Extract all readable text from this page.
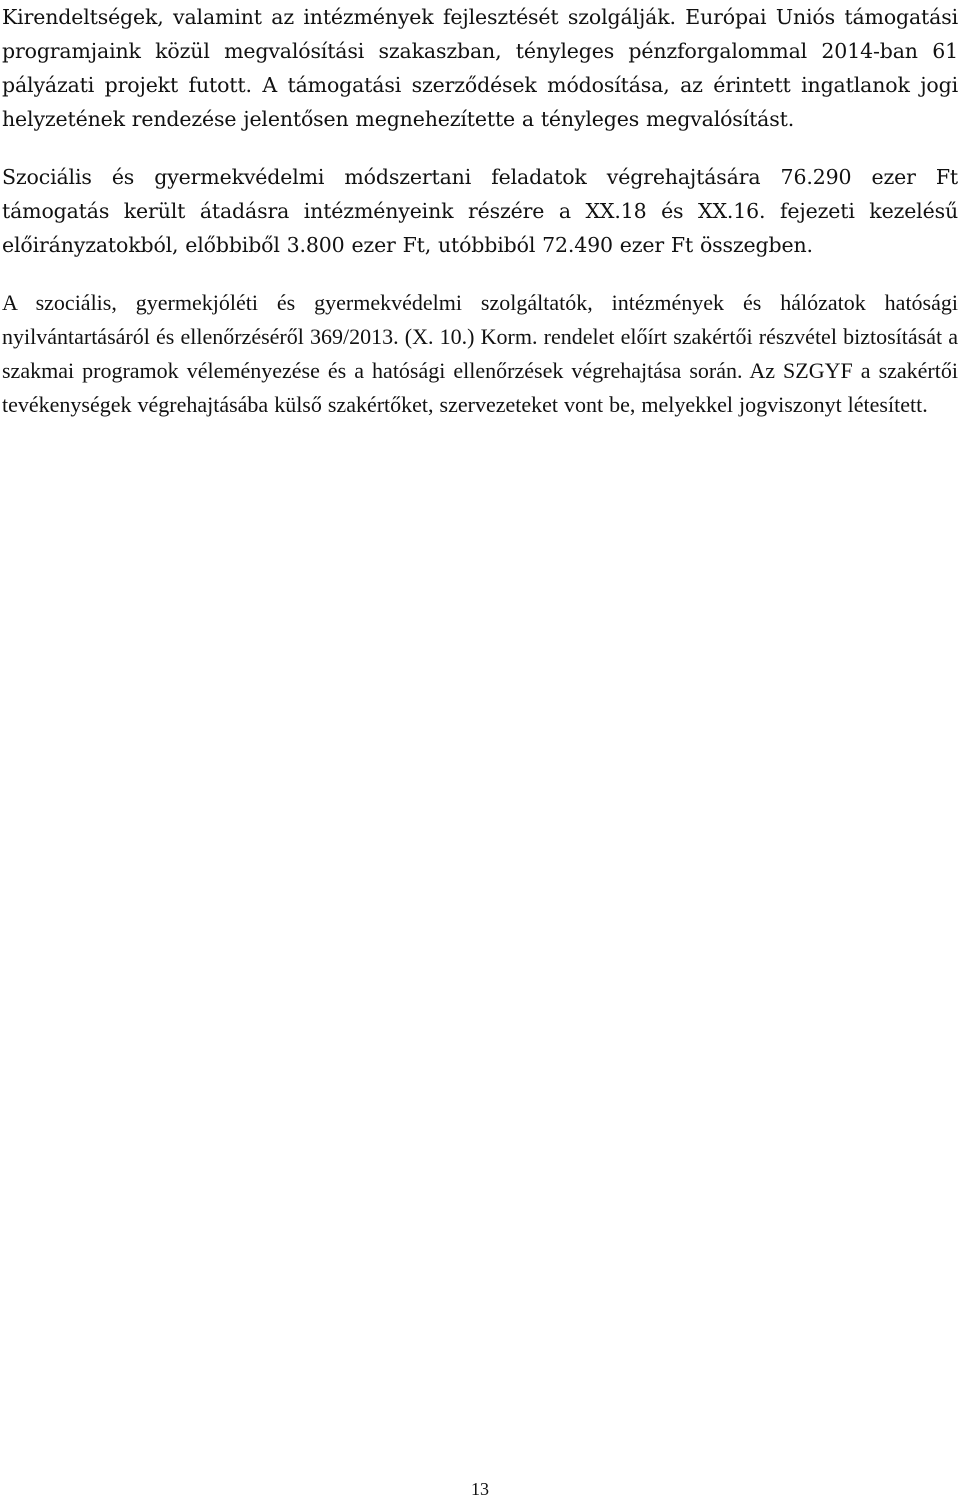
Kirendeltségek, valamint az intézmények fejlesztését szolgálják. Európai Uniós támogatási programjaink közül megvalósítási szakaszban, tényleges pénzforgalommal 2014-ban 61 pályázati projekt futott. A támogatási szerződések módosítása, az érintett ingatlanok jogi helyzetének rendezése jelentősen megnehezítette a tényleges megvalósítást.

Szociális és gyermekvédelmi módszertani feladatok végrehajtására 76.290 ezer Ft támogatás került átadásra intézményeink részére a XX.18 és XX.16. fejezeti kezelésű előirányzatokból, előbbiből 3.800 ezer Ft, utóbbiból 72.490 ezer Ft összegben.

A szociális, gyermekjóléti és gyermekvédelmi szolgáltatók, intézmények és hálózatok hatósági nyilvántartásáról és ellenőrzéséről 369/2013. (X. 10.) Korm. rendelet előírt szakértői részvétel biztosítását a szakmai programok véleményezése és a hatósági ellenőrzések végrehajtása során. Az SZGYF a szakértői tevékenységek végrehajtásába külső szakértőket, szervezeteket vont be, melyekkel jogviszonyt létesített.

13
